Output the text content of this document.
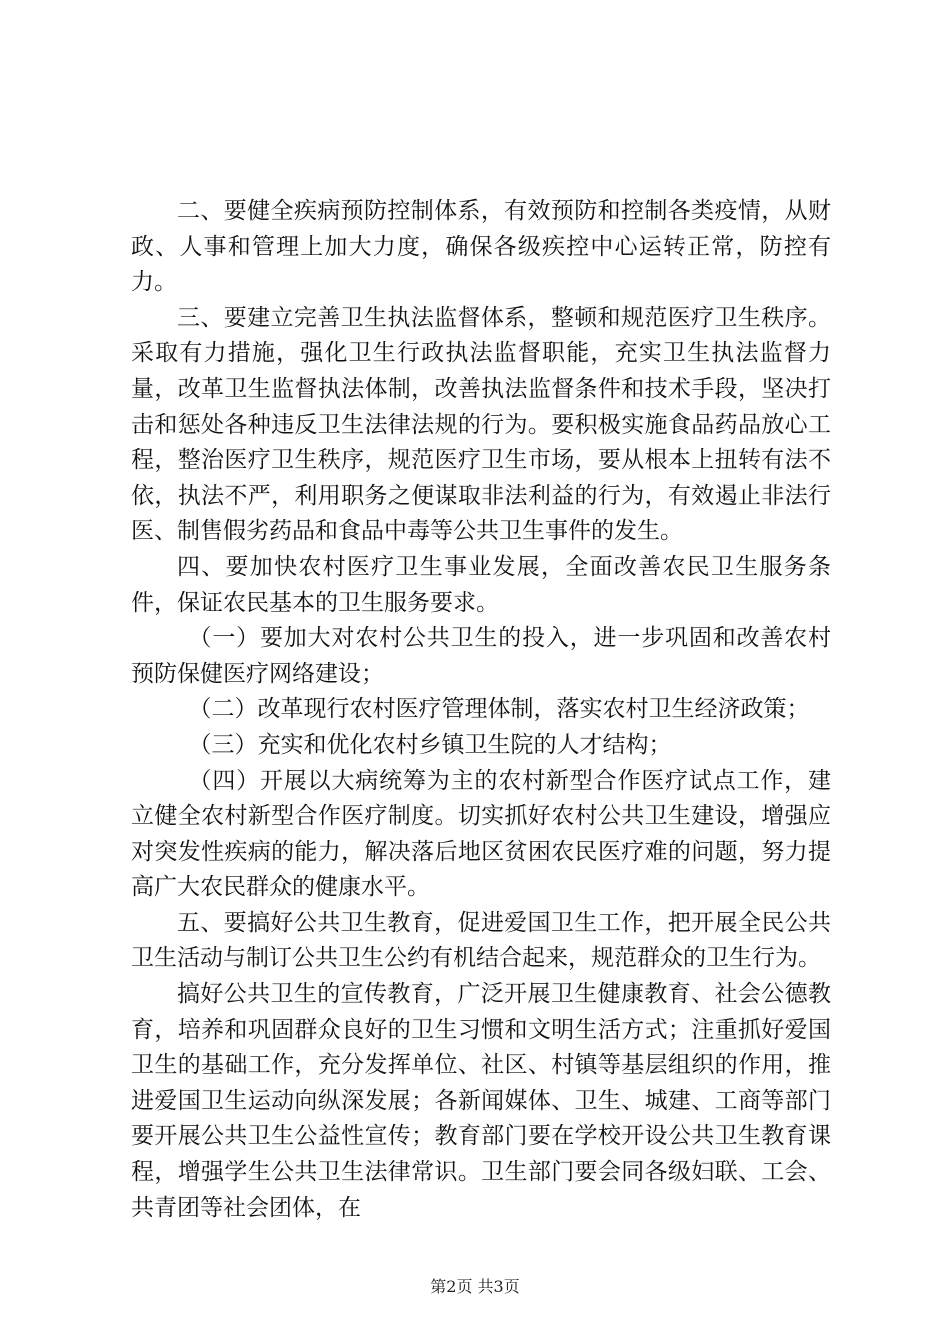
二、要健全疾病预防控制体系，有效预防和控制各类疫情，从财政、人事和管理上加大力度，确保各级疾控中心运转正常，防控有力。

三、要建立完善卫生执法监督体系，整顿和规范医疗卫生秩序。采取有力措施，强化卫生行政执法监督职能，充实卫生执法监督力量，改革卫生监督执法体制，改善执法监督条件和技术手段，坚决打击和惩处各种违反卫生法律法规的行为。要积极实施食品药品放心工程，整治医疗卫生秩序，规范医疗卫生市场，要从根本上扭转有法不依，执法不严，利用职务之便谋取非法利益的行为，有效遏止非法行医、制售假劣药品和食品中毒等公共卫生事件的发生。

四、要加快农村医疗卫生事业发展，全面改善农民卫生服务条件，保证农民基本的卫生服务要求。

（一）要加大对农村公共卫生的投入，进一步巩固和改善农村预防保健医疗网络建设；

（二）改革现行农村医疗管理体制，落实农村卫生经济政策；

（三）充实和优化农村乡镇卫生院的人才结构；

（四）开展以大病统筹为主的农村新型合作医疗试点工作，建立健全农村新型合作医疗制度。切实抓好农村公共卫生建设，增强应对突发性疾病的能力，解决落后地区贫困农民医疗难的问题，努力提高广大农民群众的健康水平。

五、要搞好公共卫生教育，促进爱国卫生工作，把开展全民公共卫生活动与制订公共卫生公约有机结合起来，规范群众的卫生行为。

搞好公共卫生的宣传教育，广泛开展卫生健康教育、社会公德教育，培养和巩固群众良好的卫生习惯和文明生活方式；注重抓好爱国卫生的基础工作，充分发挥单位、社区、村镇等基层组织的作用，推进爱国卫生运动向纵深发展；各新闻媒体、卫生、城建、工商等部门要开展公共卫生公益性宣传；教育部门要在学校开设公共卫生教育课程，增强学生公共卫生法律常识。卫生部门要会同各级妇联、工会、共青团等社会团体，在

第2页 共3页
